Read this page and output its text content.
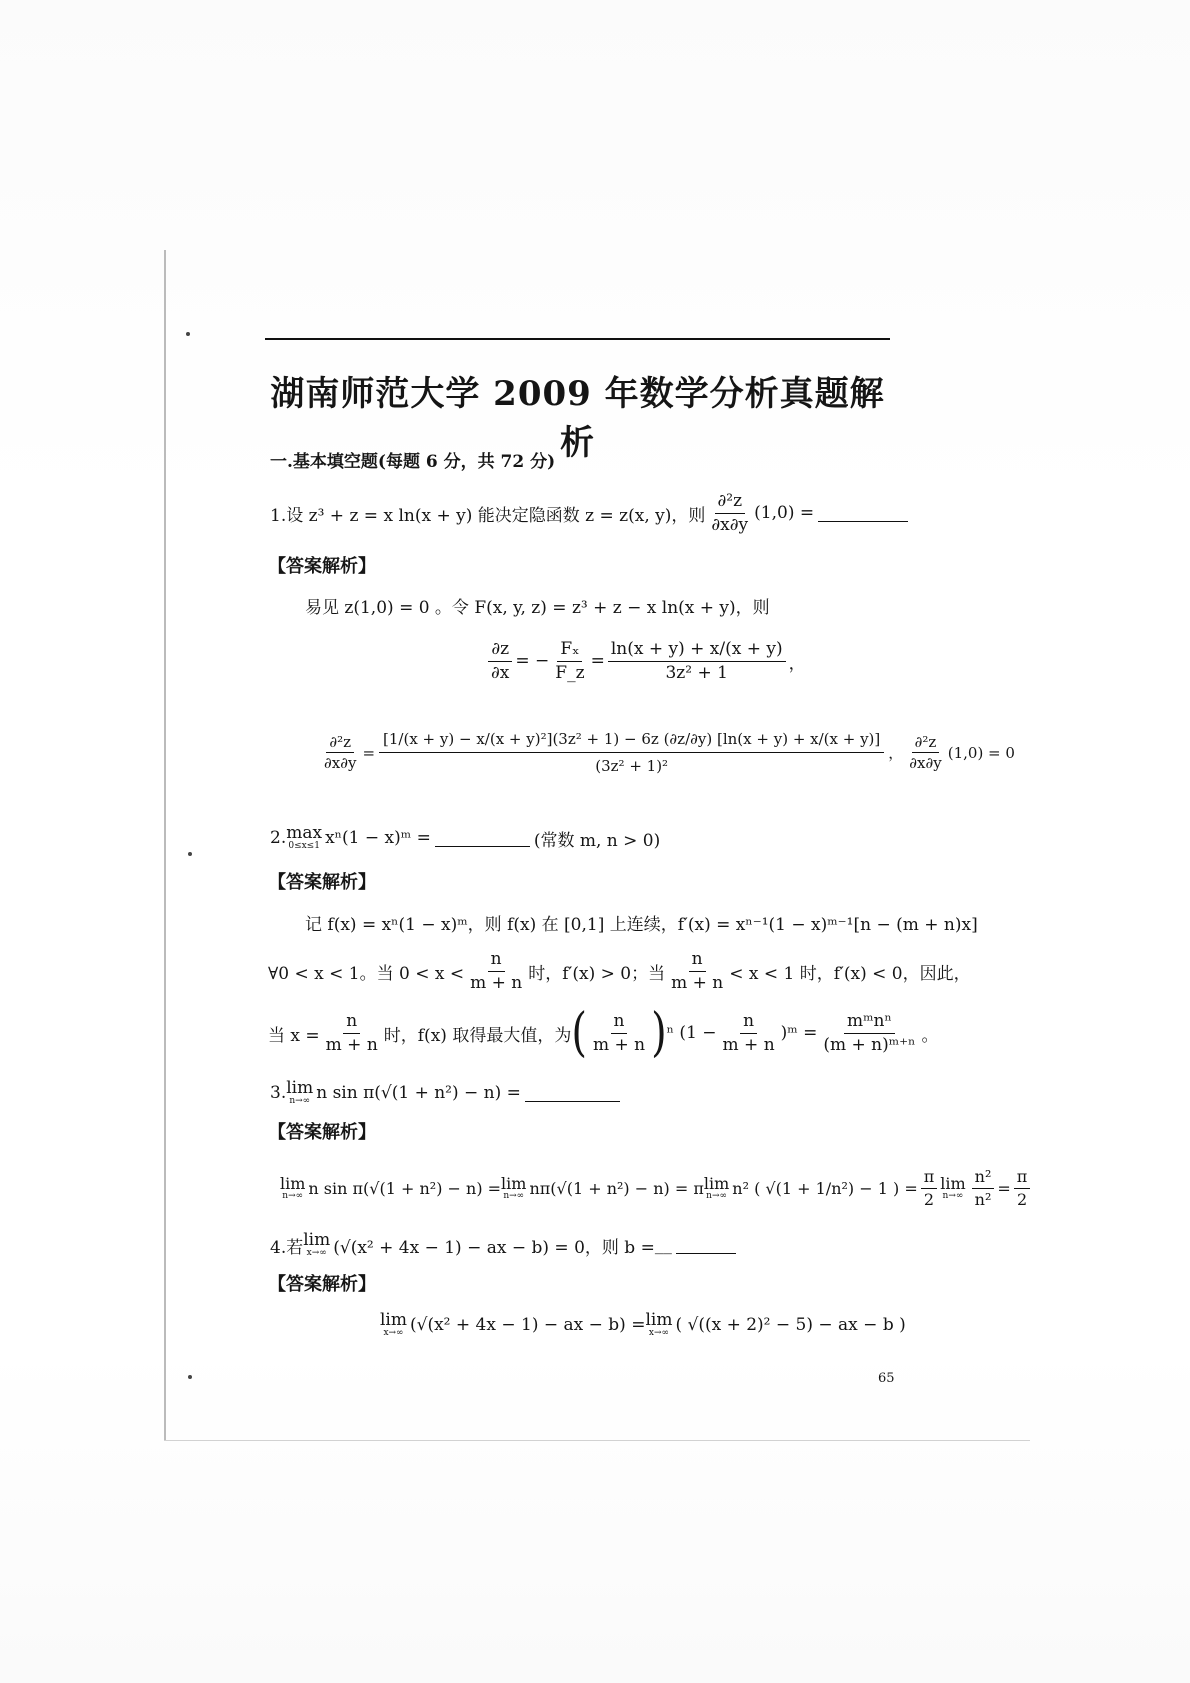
湖南师范大学 2009 年数学分析真题解析
一.基本填空题(每题 6 分，共 72 分)
1.设 z³ + z = x ln(x + y) 能决定隐函数 z = z(x, y)，则 $\frac{\text{∂²z}}{\partial x\partial y} (1,0)$ =
【答案解析】
易见 z(1,0) = 0 。令 F(x, y, z) = z³ + z − x ln(x + y)，则
$\frac{\partial z}{\partial x}$ = − $\frac{\text{Fₓ}}{F\_z} = \frac{\ln(x + y) + x/(x + y)}{\text{3z² + 1}}$ ，
$\frac{\text{∂²z}}{\partial x\partial y}$ =
[1/(x + y) − x/(x + y)²](3z² + 1) − 6z (∂z/∂y) [ln(x + y) + x/(x + y)]
(3z² + 1)²
， $\frac{\text{∂²z}}{\partial x\partial y} (1,0) = 0$
2. max
0≤x≤1 xⁿ(1 − x)ᵐ =	(常数 m, n > 0)
【答案解析】
记 f(x) = xⁿ(1 − x)ᵐ，则 f(x) 在 [0,1] 上连续，f′(x) = xⁿ⁻¹(1 − x)ᵐ⁻¹[n − (m + n)x]
∀0 < x < 1。当 $0 < x < \frac{n}{m + n}$ 时，f′(x) > 0；当 $\frac{n}{m + n} < x < 1$ 时，f′(x) < 0，因此，
当 $x = \frac{n}{m + n}$ 时，f(x) 取得最大值，为 ( $\frac{n}{m + n}$ ) ⁿ ($1 - \frac{n}{m + n}$ )ᵐ = $\frac{\text{mᵐnⁿ}}{\text{(m + n)ᵐ⁺ⁿ}}$ 。
3. lim
n→∞ n sin π(√(1 + n²) − n) =
【答案解析】
lim
n→∞ n sin π(√(1 + n²) − n) = lim
n→∞ nπ(√(1 + n²) − n) = π lim
n→∞ n² ( √(1 + 1/n²) − 1 ) = $\frac{\pi}{2}$ lim
$n\to\infty \frac{\text{n²}}{\text{n²}} = \frac{\pi}{2}$
4.若 lim
x→∞ (√(x² + 4x − 1) − ax − b) = 0，则 b = __
【答案解析】
lim
x→∞ (√(x² + 4x − 1) − ax − b) = lim
x→∞ ( √((x + 2)² − 5) − ax − b )
65
